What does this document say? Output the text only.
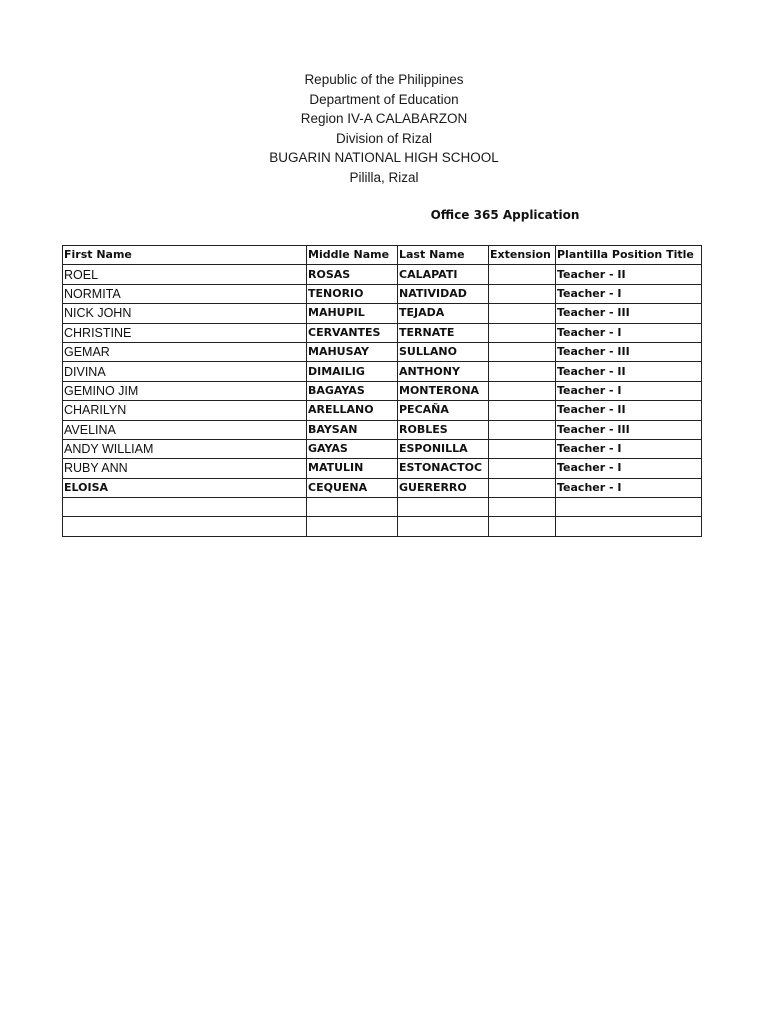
Republic of the Philippines
Department of Education
Region IV-A CALABARZON
Division of Rizal
BUGARIN NATIONAL HIGH SCHOOL
Pililla, Rizal
Office 365 Application
First Name	Middle Name	Last Name	Extension	Plantilla Position Title
ROEL	ROSAS	CALAPATI		Teacher - II
NORMITA	TENORIO	NATIVIDAD		Teacher - I
NICK JOHN	MAHUPIL	TEJADA		Teacher - III
CHRISTINE	CERVANTES	TERNATE		Teacher - I
GEMAR	MAHUSAY	SULLANO		Teacher - III
DIVINA	DIMAILIG	ANTHONY		Teacher - II
GEMINO JIM	BAGAYAS	MONTERONA		Teacher - I
CHARILYN	ARELLANO	PECAÑA		Teacher - II
AVELINA	BAYSAN	ROBLES		Teacher - III
ANDY WILLIAM	GAYAS	ESPONILLA		Teacher - I
RUBY ANN	MATULIN	ESTONACTOC		Teacher - I
ELOISA	CEQUENA	GUERERRO		Teacher - I
